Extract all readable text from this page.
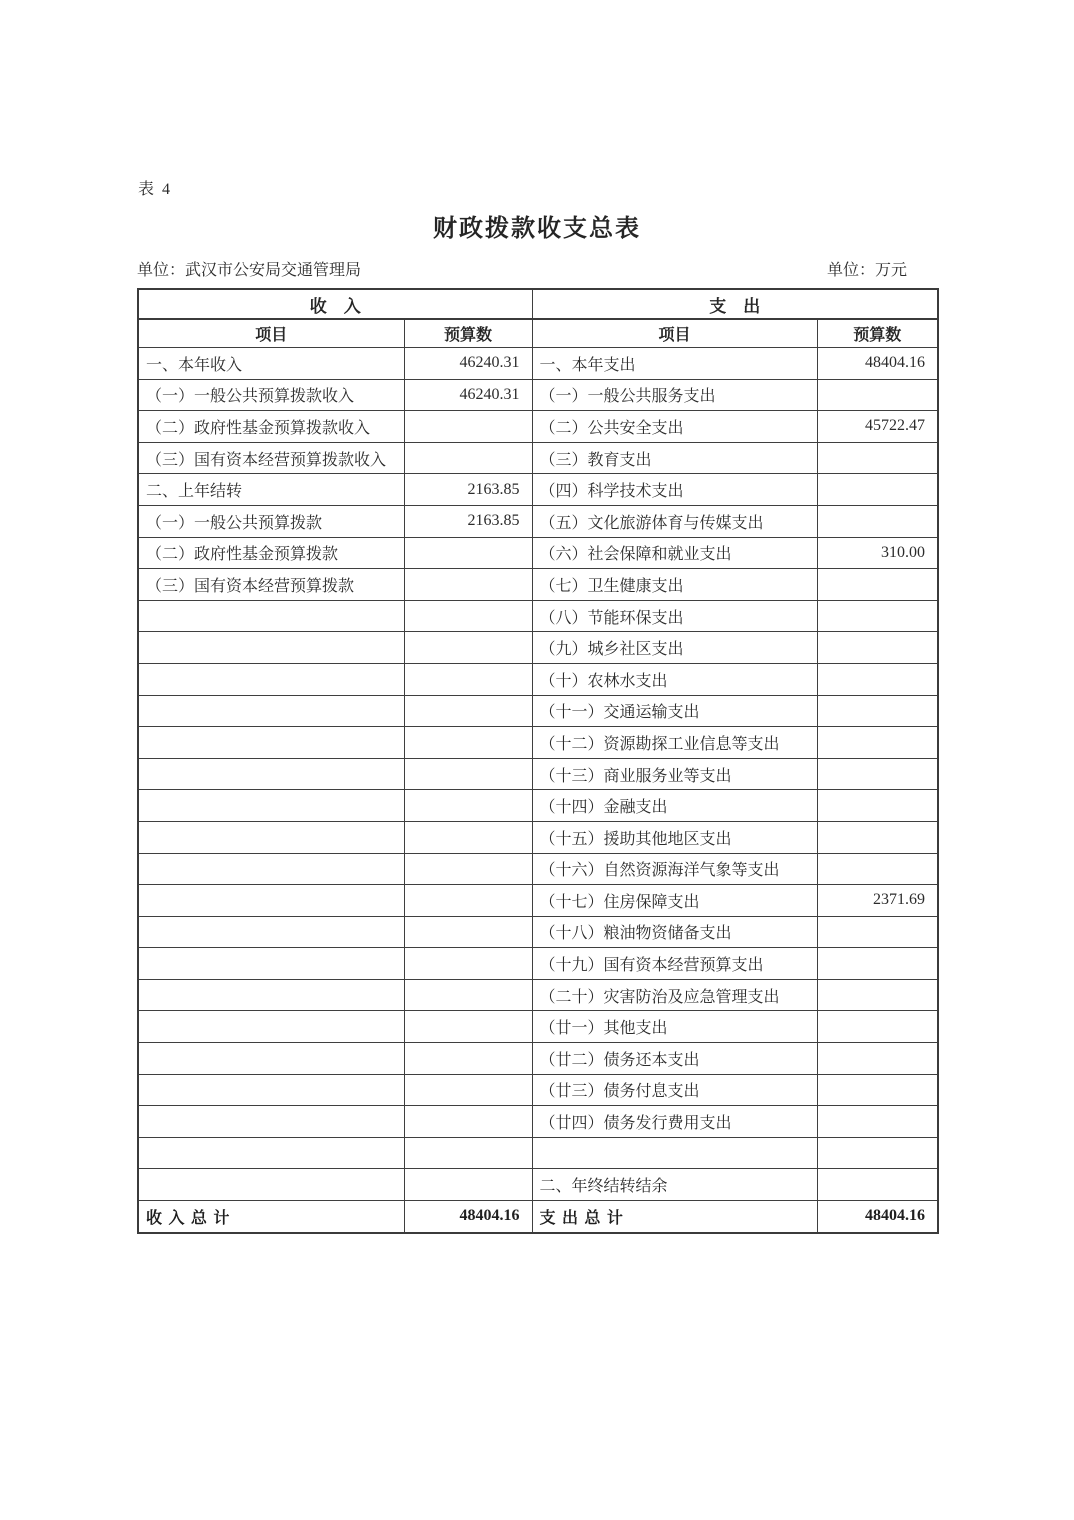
表 4
财政拨款收支总表
单位：武汉市公安局交通管理局	单位：万元
收　入		支　出	
项目	预算数	项目	预算数
一、本年收入	46240.31	一、本年支出	48404.16
（一）一般公共预算拨款收入	46240.31	（一）一般公共服务支出	
（二）政府性基金预算拨款收入		（二）公共安全支出	45722.47
（三）国有资本经营预算拨款收入		（三）教育支出	
二、上年结转	2163.85	（四）科学技术支出	
（一）一般公共预算拨款	2163.85	（五）文化旅游体育与传媒支出	
（二）政府性基金预算拨款		（六）社会保障和就业支出	310.00
（三）国有资本经营预算拨款		（七）卫生健康支出	
		（八）节能环保支出	
		（九）城乡社区支出	
		（十）农林水支出	
		（十一）交通运输支出	
		（十二）资源勘探工业信息等支出	
		（十三）商业服务业等支出	
		（十四）金融支出	
		（十五）援助其他地区支出	
		（十六）自然资源海洋气象等支出	
		（十七）住房保障支出	2371.69
		（十八）粮油物资储备支出	
		（十九）国有资本经营预算支出	
		（二十）灾害防治及应急管理支出	
		（廿一）其他支出	
		（廿二）债务还本支出	
		（廿三）债务付息支出	
		（廿四）债务发行费用支出	

		二、年终结转结余	
收 入 总 计	48404.16	支 出 总 计	48404.16
